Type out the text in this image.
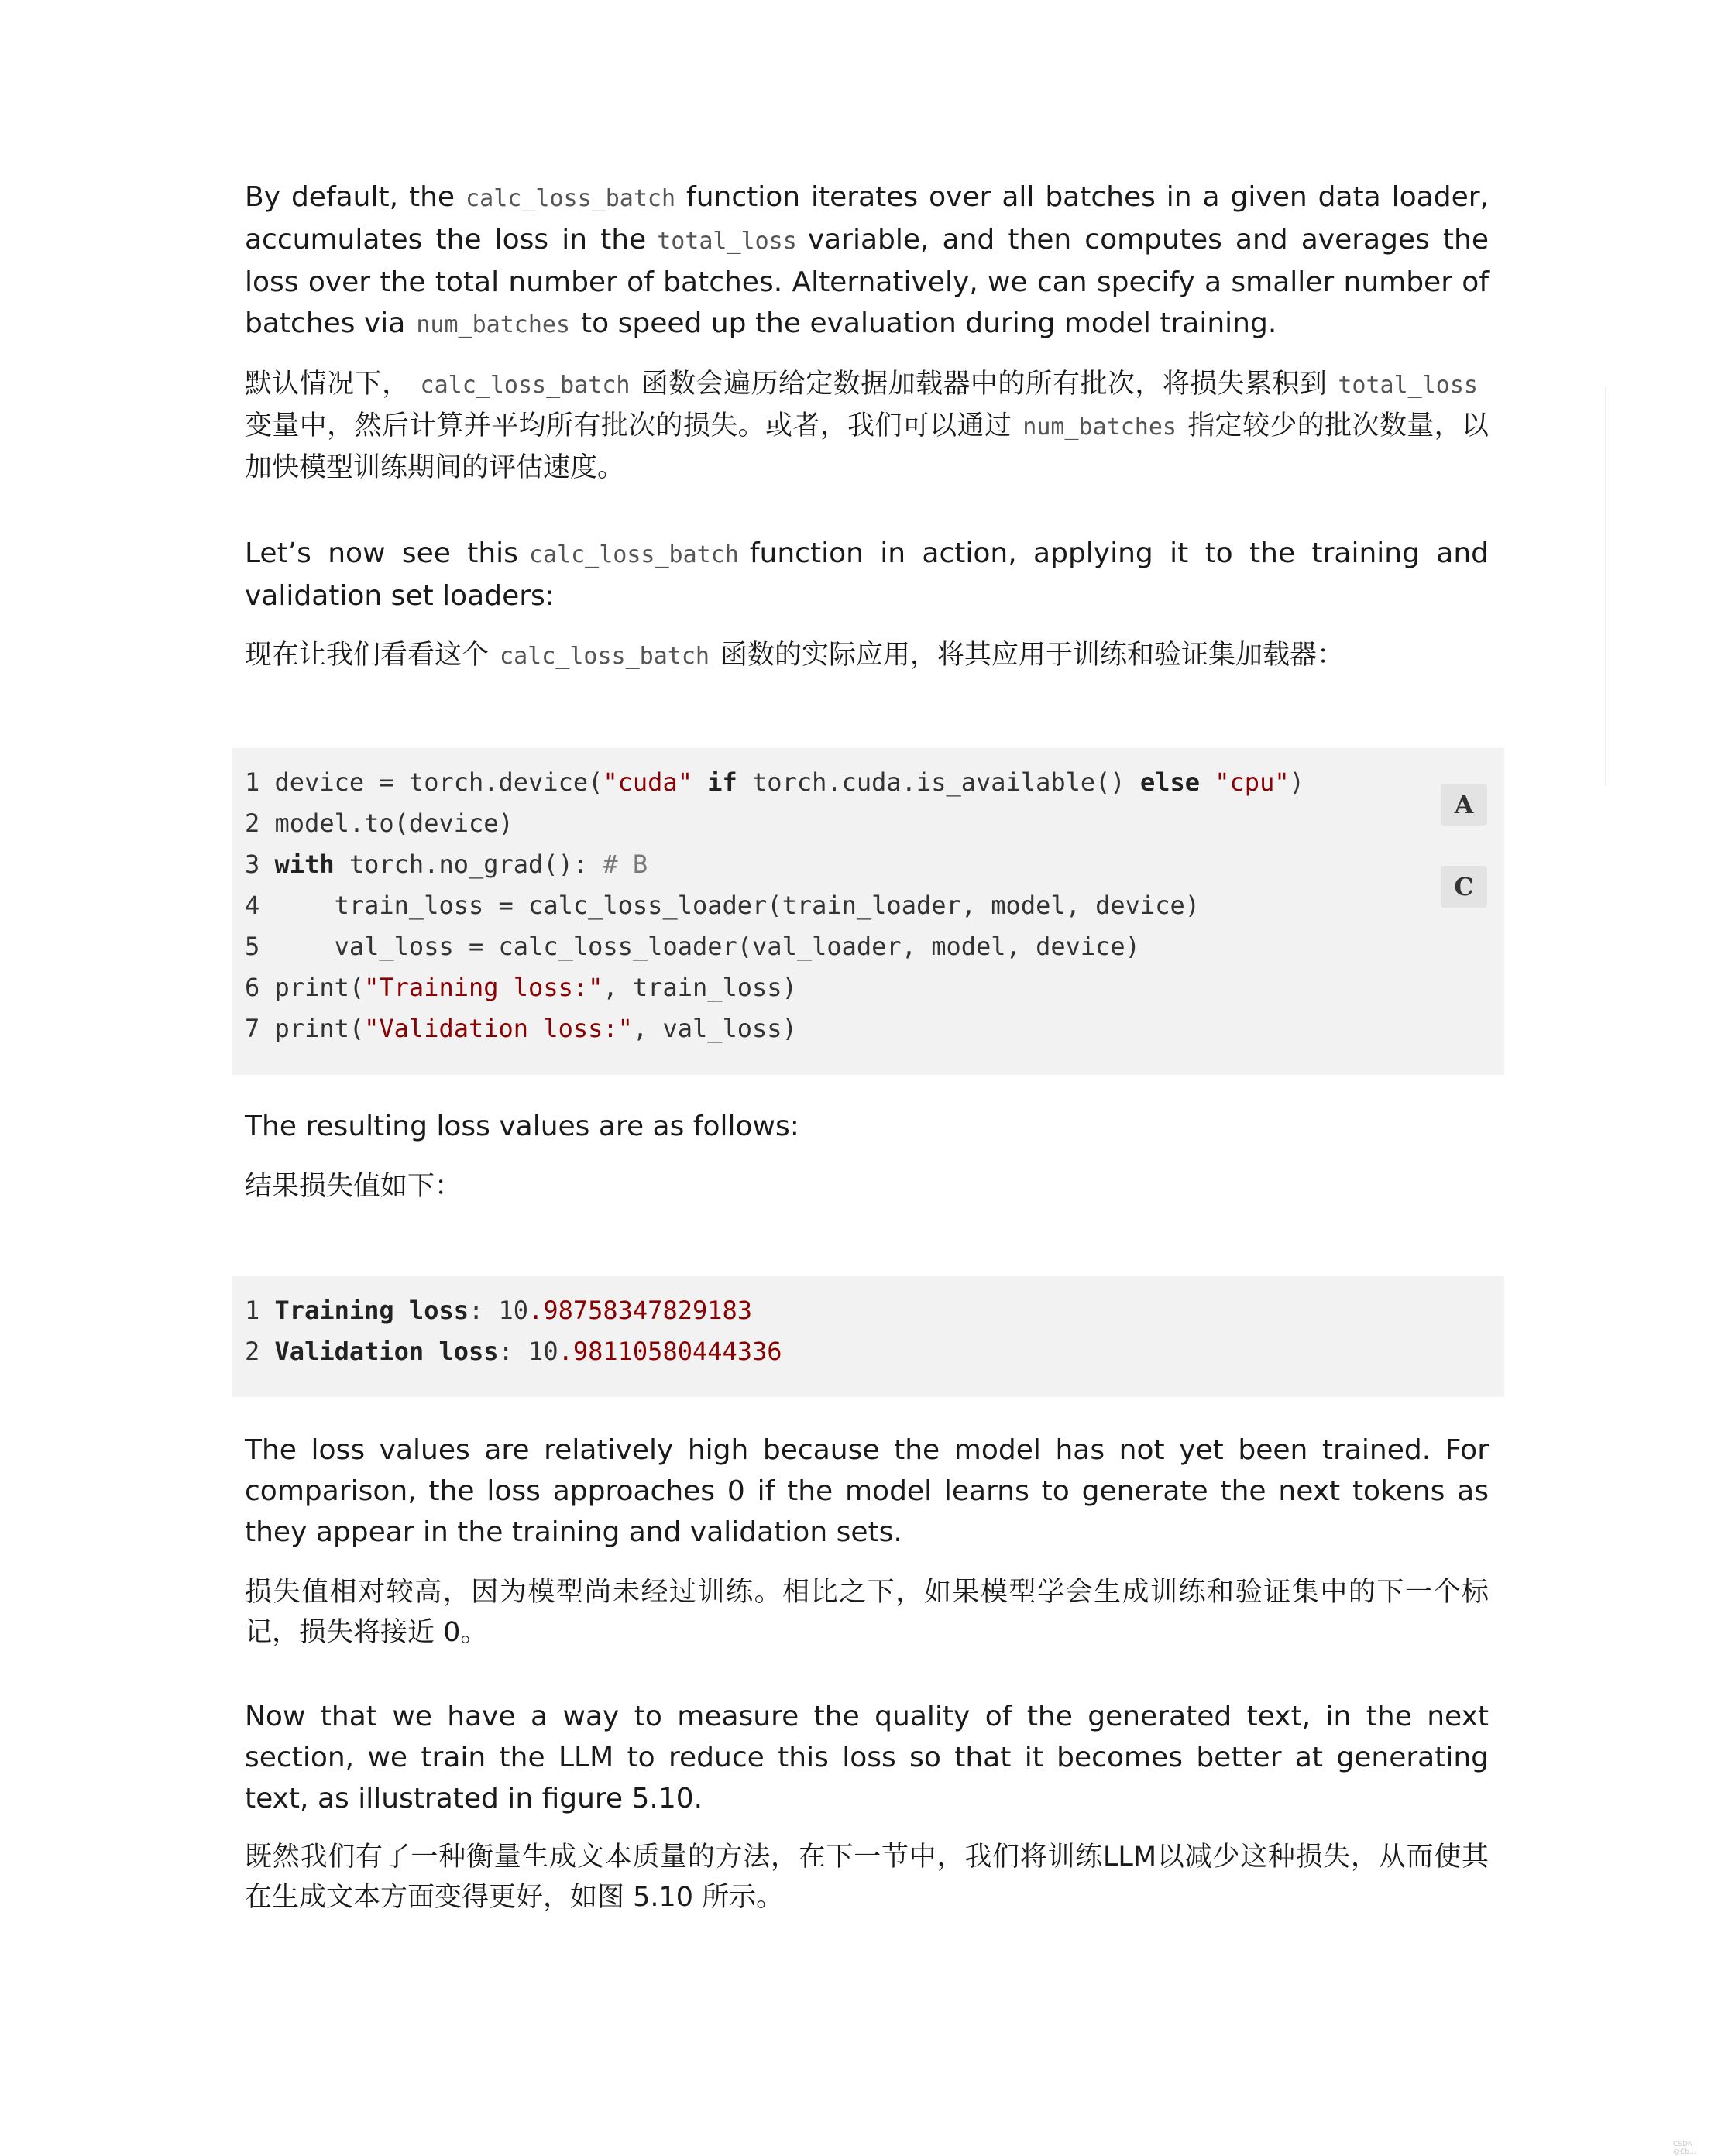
By default, the calc_loss_batch function iterates over all batches in a given data loader, accumulates the loss in the total_loss variable, and then computes and averages the loss over the total number of batches. Alternatively, we can specify a smaller number of batches via num_batches to speed up the evaluation during model training.

默认情况下， calc_loss_batch 函数会遍历给定数据加载器中的所有批次，将损失累积到 total_loss变量中，然后计算并平均所有批次的损失。或者，我们可以通过 num_batches 指定较少的批次数量，以加快模型训练期间的评估速度。

Let’s now see this calc_loss_batch function in action, applying it to the training and validation set loaders:

现在让我们看看这个 calc_loss_batch 函数的实际应用，将其应用于训练和验证集加载器：

1 device = torch.device("cuda" if torch.cuda.is_available() else "cpu")
2 model.to(device)
3 with torch.no_grad(): # B
4     train_loss = calc_loss_loader(train_loader, model, device)
5     val_loss = calc_loss_loader(val_loader, model, device)
6 print("Training loss:", train_loss)
7 print("Validation loss:", val_loss)
A
C

The resulting loss values are as follows:

结果损失值如下：

1 Training loss: 10.98758347829183
2 Validation loss: 10.98110580444336

The loss values are relatively high because the model has not yet been trained. For comparison, the loss approaches 0 if the model learns to generate the next tokens as they appear in the training and validation sets.

损失值相对较高，因为模型尚未经过训练。相比之下，如果模型学会生成训练和验证集中的下一个标记，损失将接近 0。

Now that we have a way to measure the quality of the generated text, in the next section, we train the LLM to reduce this loss so that it becomes better at generating text, as illustrated in figure 5.10.

既然我们有了一种衡量生成文本质量的方法，在下一节中，我们将训练LLM以减少这种损失，从而使其在生成文本方面变得更好，如图 5.10 所示。

CSDN @Cb...
